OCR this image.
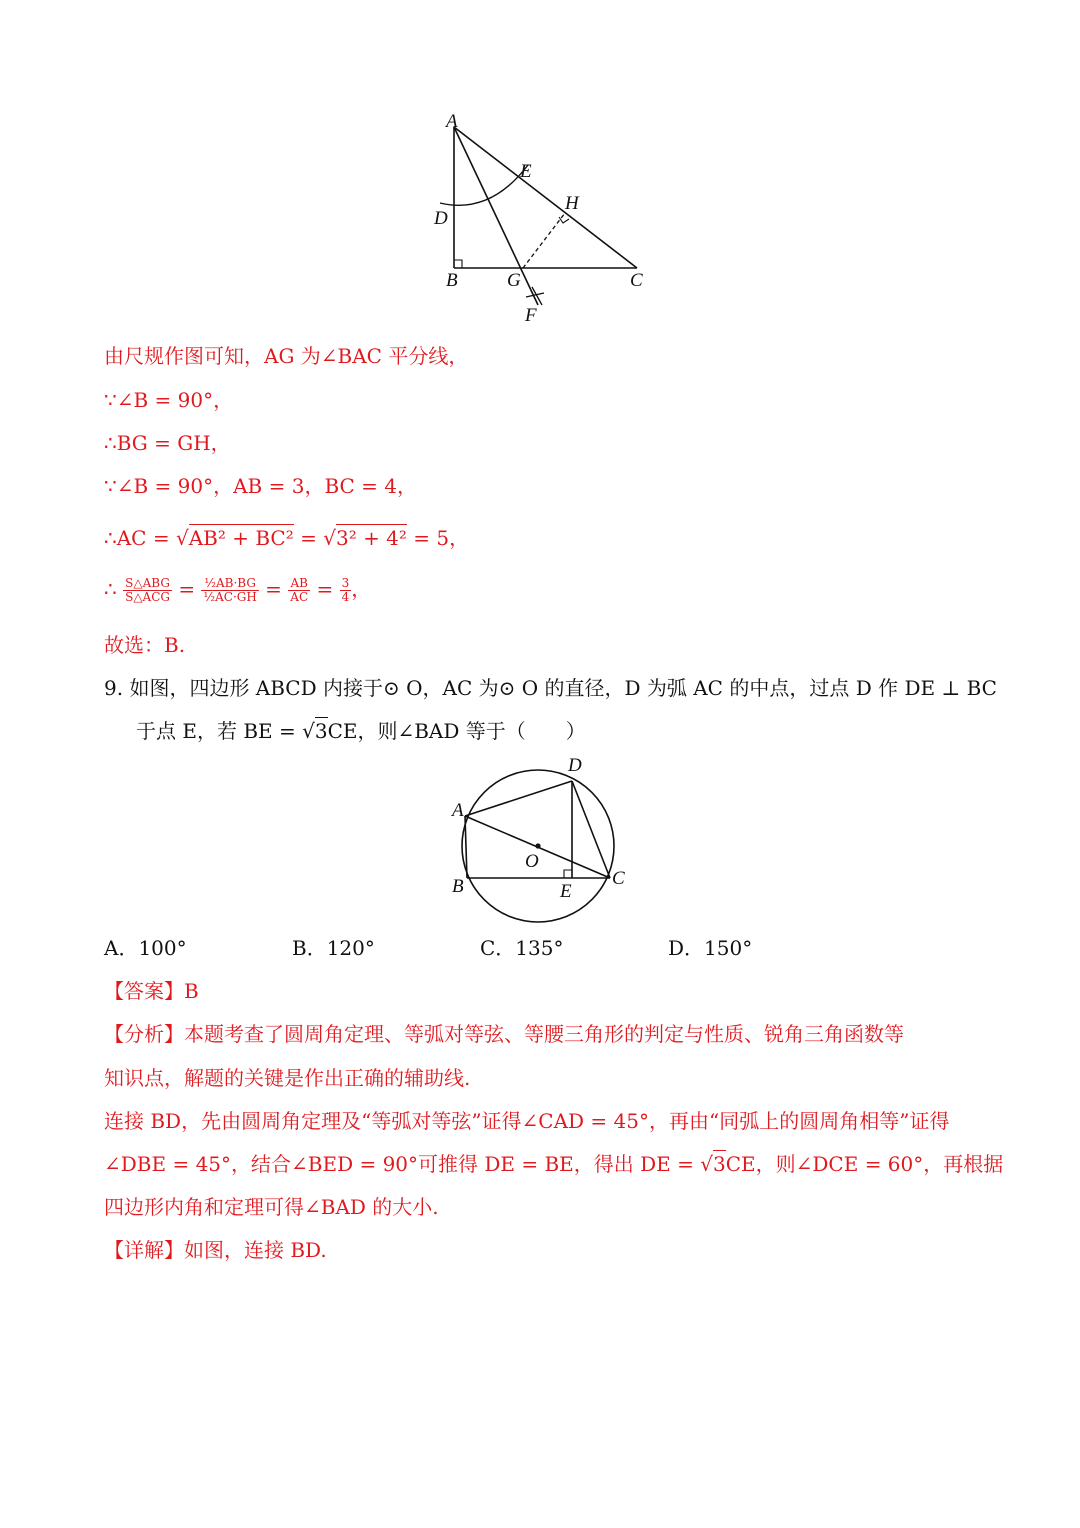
A
E
H
D
B	G	C
F
由尺规作图可知，AG 为∠BAC 平分线，
∵∠B = 90°，
∴BG = GH，
∵∠B = 90°，AB = 3，BC = 4，
∴AC = √AB² + BC² = √3² + 4² = 5，
∴ $\frac{\text{S△ABG}}{\text{S△ACG}} = \frac{\text{½AB·BG}}{\text{½AC·GH}} = \frac{AB}{AC} = \frac{3}{4}$ ，
故选：B.
9. 如图，四边形 ABCD 内接于⊙ O，AC 为⊙ O 的直径，D 为弧 AC 的中点，过点 D 作 DE ⊥ BC
于点 E，若 BE = √3CE，则∠BAD 等于（　　）
D
A
O
B	E
C
A．100°	B．120°	C．135°	D．150°
【答案】B
【分析】本题考查了圆周角定理、等弧对等弦、等腰三角形的判定与性质、锐角三角函数等
知识点，解题的关键是作出正确的辅助线.
连接 BD，先由圆周角定理及“等弧对等弦”证得∠CAD = 45°，再由“同弧上的圆周角相等”证得
∠DBE = 45°，结合∠BED = 90°可推得 DE = BE，得出 DE = √3CE，则∠DCE = 60°，再根据
四边形内角和定理可得∠BAD 的大小.
【详解】如图，连接 BD.
